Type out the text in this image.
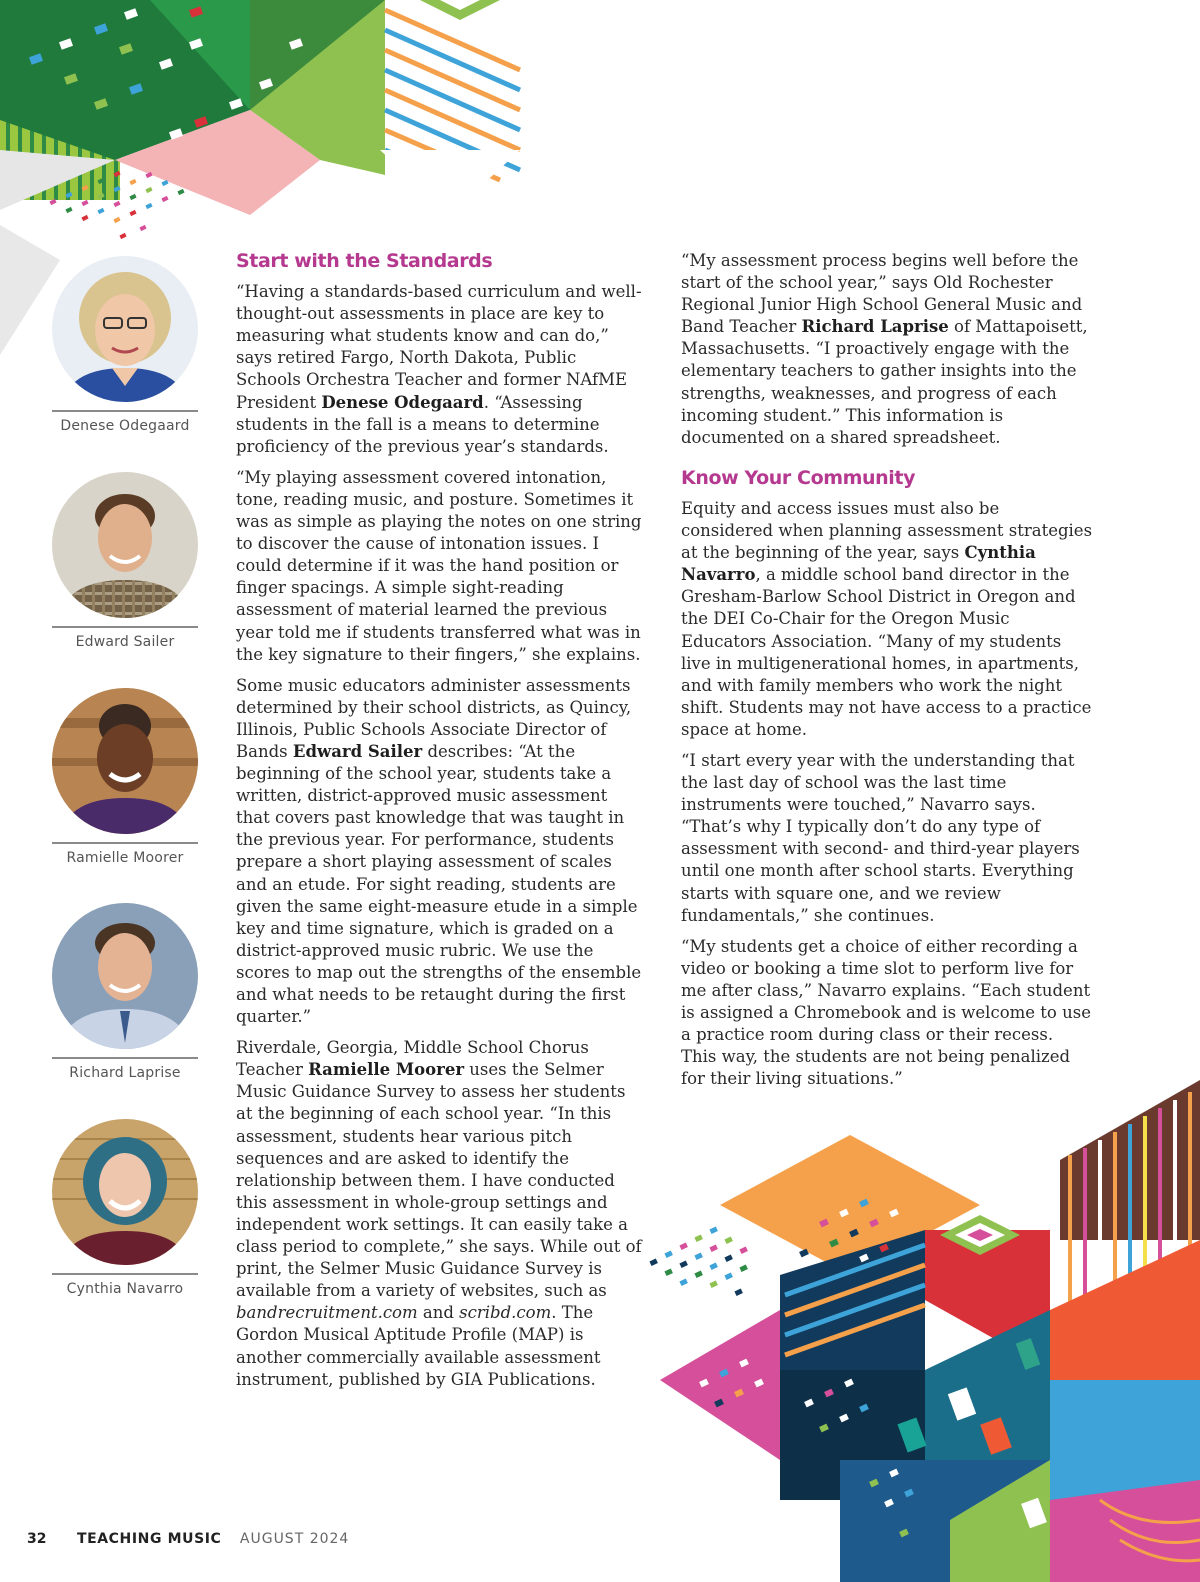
Denese Odegaard
Edward Sailer
Ramielle Moorer
Richard Laprise
Cynthia Navarro
Start with the Standards

“Having a standards-based curriculum and well-thought-out assessments in place are key to measuring what students know and can do,” says retired Fargo, North Dakota, Public Schools Orchestra Teacher and former NAfME President Denese Odegaard. “Assessing students in the fall is a means to determine proficiency of the previous year’s standards.

“My playing assessment covered intonation, tone, reading music, and posture. Sometimes it was as simple as playing the notes on one string to discover the cause of intonation issues. I could determine if it was the hand position or finger spacings. A simple sight-reading assessment of material learned the previous year told me if students transferred what was in the key signature to their fingers,” she explains.

Some music educators administer assessments determined by their school districts, as Quincy, Illinois, Public Schools Associate Director of Bands Edward Sailer describes: “At the beginning of the school year, students take a written, district-approved music assessment that covers past knowledge that was taught in the previous year. For performance, students prepare a short playing assessment of scales and an etude. For sight reading, students are given the same eight-measure etude in a simple key and time signature, which is graded on a district-approved music rubric. We use the scores to map out the strengths of the ensemble and what needs to be retaught during the first quarter.”

Riverdale, Georgia, Middle School Chorus Teacher Ramielle Moorer uses the Selmer Music Guidance Survey to assess her students at the beginning of each school year. “In this assessment, students hear various pitch sequences and are asked to identify the relationship between them. I have conducted this assessment in whole-group settings and independent work settings. It can easily take a class period to complete,” she says. While out of print, the Selmer Music Guidance Survey is available from a variety of websites, such as bandrecruitment.com and scribd.com. The Gordon Musical Aptitude Profile (MAP) is another commercially available assessment instrument, published by GIA Publications.

“My assessment process begins well before the start of the school year,” says Old Rochester Regional Junior High School General Music and Band Teacher Richard Laprise of Mattapoisett, Massachusetts. “I proactively engage with the elementary teachers to gather insights into the strengths, weaknesses, and progress of each incoming student.” This information is documented on a shared spreadsheet.

Know Your Community

Equity and access issues must also be considered when planning assessment strategies at the beginning of the year, says Cynthia Navarro, a middle school band director in the Gresham-Barlow School District in Oregon and the DEI Co-Chair for the Oregon Music Educators Association. “Many of my students live in multigenerational homes, in apartments, and with family members who work the night shift. Students may not have access to a practice space at home.

“I start every year with the understanding that the last day of school was the last time instruments were touched,” Navarro says. “That’s why I typically don’t do any type of assessment with second- and third-year players until one month after school starts. Everything starts with square one, and we review fundamentals,” she continues.

“My students get a choice of either recording a video or booking a time slot to perform live for me after class,” Navarro explains. “Each student is assigned a Chromebook and is welcome to use a practice room during class or their recess. This way, the students are not being penalized for their living situations.”

32 TEACHING MUSIC AUGUST 2024
